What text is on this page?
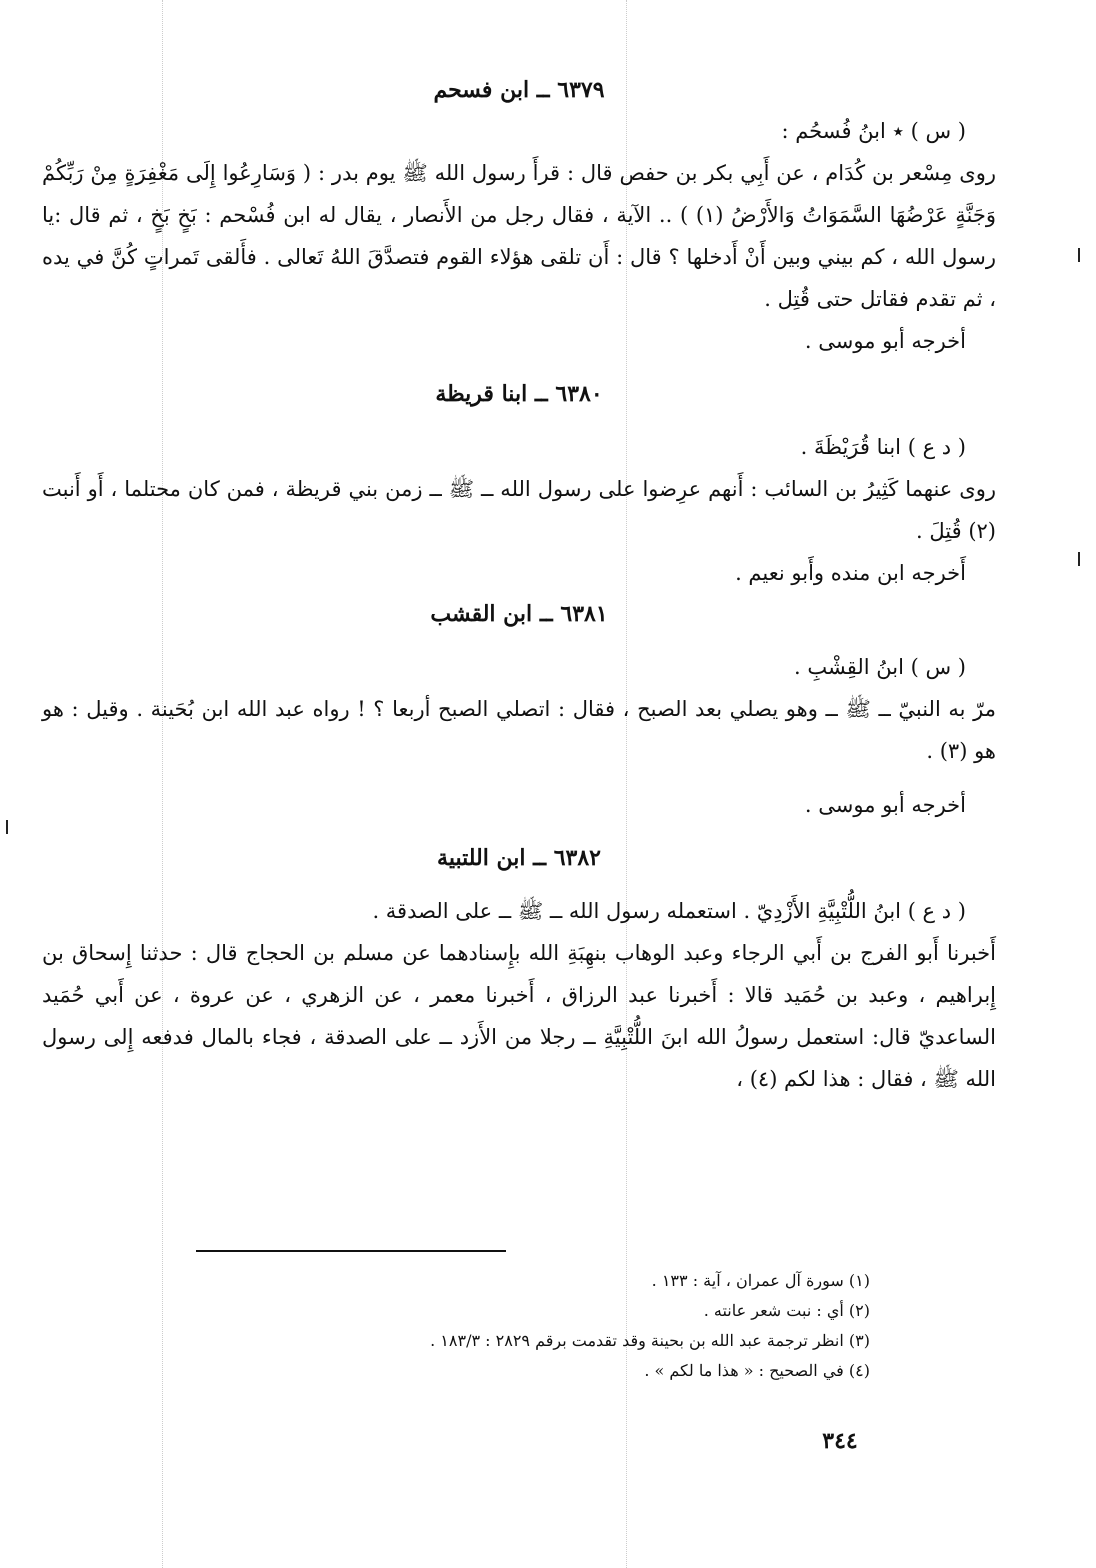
٦٣٧٩ ــ ابن فسحم

( س ) ٭ ابنُ فُسحُم :

روى مِسْعر بن كُدَام ، عن أَبِي بكر بن حفص قال : قرأَ رسول الله ﷺ يوم بدر : ( وَسَارِعُوا إِلَى مَغْفِرَةٍ مِنْ رَبِّكُمْ وَجَنَّةٍ عَرْضُهَا السَّمَوَاتُ وَالأَرْضُ (١) ) .. الآية ، فقال رجل من الأَنصار ، يقال له ابن فُسْحم : بَخٍ بَخٍ ، ثم قال :يا رسول الله ، كم بيني وبين أَنْ أَدخلها ؟ قال : أَن تلقى هؤلاء القوم فتصدَّقَ اللهُ تَعالى . فأَلقى تَمراتٍ كُنَّ في يده ، ثم تقدم فقاتل حتى قُتِل .

أخرجه أبو موسى .

٦٣٨٠ ــ ابنا قريظة

( د ع ) ابنا قُرَيْظَةَ .

روى عنهما كَثِيرُ بن السائب : أَنهم عرِضوا على رسول الله ــ ﷺ ــ زمن بني قريظة ، فمن كان محتلما ، أَو أَنبت (٢) قُتِلَ .

أَخرجه ابن منده وأَبو نعيم .

٦٣٨١ ــ ابن القشب

( س ) ابنُ القِشْبِ .

مرّ به النبيّ ــ ﷺ ــ وهو يصلي بعد الصبح ، فقال : اتصلي الصبح أربعا ؟ ! رواه عبد الله ابن بُحَينة . وقيل : هو هو (٣) .

أخرجه أبو موسى .

٦٣٨٢ ــ ابن اللتبية

( د ع ) ابنُ اللُّتْبِيَّةِ الأَزْدِيّ . استعمله رسول الله ــ ﷺ ــ على الصدقة .

أَخبرنا أَبو الفرج بن أَبي الرجاء وعبد الوهاب بنهِبَةِ الله بإِسنادهما عن مسلم بن الحجاج قال : حدثنا إِسحاق بن إِبراهيم ، وعبد بن حُمَيد قالا : أَخبرنا عبد الرزاق ، أَخبرنا معمر ، عن الزهري ، عن عروة ، عن أَبي حُمَيد الساعديّ قال: استعمل رسولُ الله ابنَ اللُّتْبِيَّةِ ــ رجلا من الأَزد ــ على الصدقة ، فجاء بالمال فدفعه إِلى رسول الله ﷺ ، فقال : هذا لكم (٤) ،

(١) سورة آل عمران ، آية : ١٣٣ .

(٢) أي : نبت شعر عانته .

(٣) انظر ترجمة عبد الله بن بحينة وقد تقدمت برقم ٢٨٢٩ : ١٨٣/٣ .

(٤) في الصحيح : « هذا ما لكم » .

٣٤٤
